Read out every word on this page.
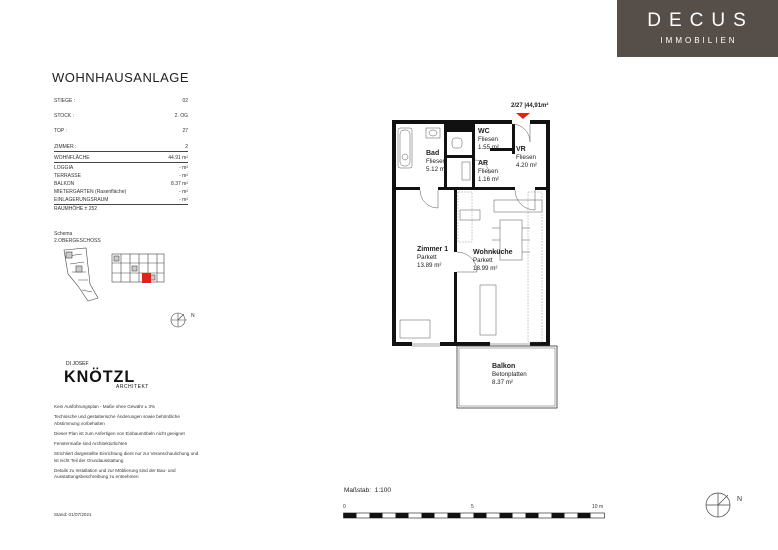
DECUS
IMMOBILIEN
WOHNHAUSANLAGE
STIEGE :	02
STOCK :	2. OG
TOP :	27
ZIMMER :	2
WOHNFLÄCHE	44.91 m²
LOGGIA	- m²
TERRASSE	- m²
BALKON	8.37 m²
MIETERGARTEN (Rasenfläche)	- m²
EINLAGERUNGSRAUM	- m²
RAUMHÖHE ± 252
Schema
2.OBERGESCHOSS
N
DI JOSEF
KNÖTZL
ARCHITEKT

Kein Ausführungsplan - Maße ohne Gewähr ± 3%

Technische und gestalterische Änderungen sowie behördliche Abstimmung vorbehalten

Dieser Plan ist zum Anfertigen von Einbaumöbeln nicht geeignet

Fenstermaße sind Architekturlichten

Strichliert dargestellte Einrichtung dient nur zur Veranschaulichung und ist nicht Teil der Grundausstattung

Details zu Installation und zur Möblierung sind der Bau- und Ausstattungsbeschreibung zu entnehmen

Stand: 01/07/2021
2/27 |44,91m²
Bad
Fliesen
5.12 m²
WC
Fliesen
1.55 m² VR
Fliesen
4.20 m²
AR
Fliesen
1.16 m²
Zimmer 1
Parkett
13.89 m²
Wohnküche
Parkett
18.99 m²
Balkon
Betonplatten
8.37 m²
Maßstab: 1:100
0	5	10 m
N
